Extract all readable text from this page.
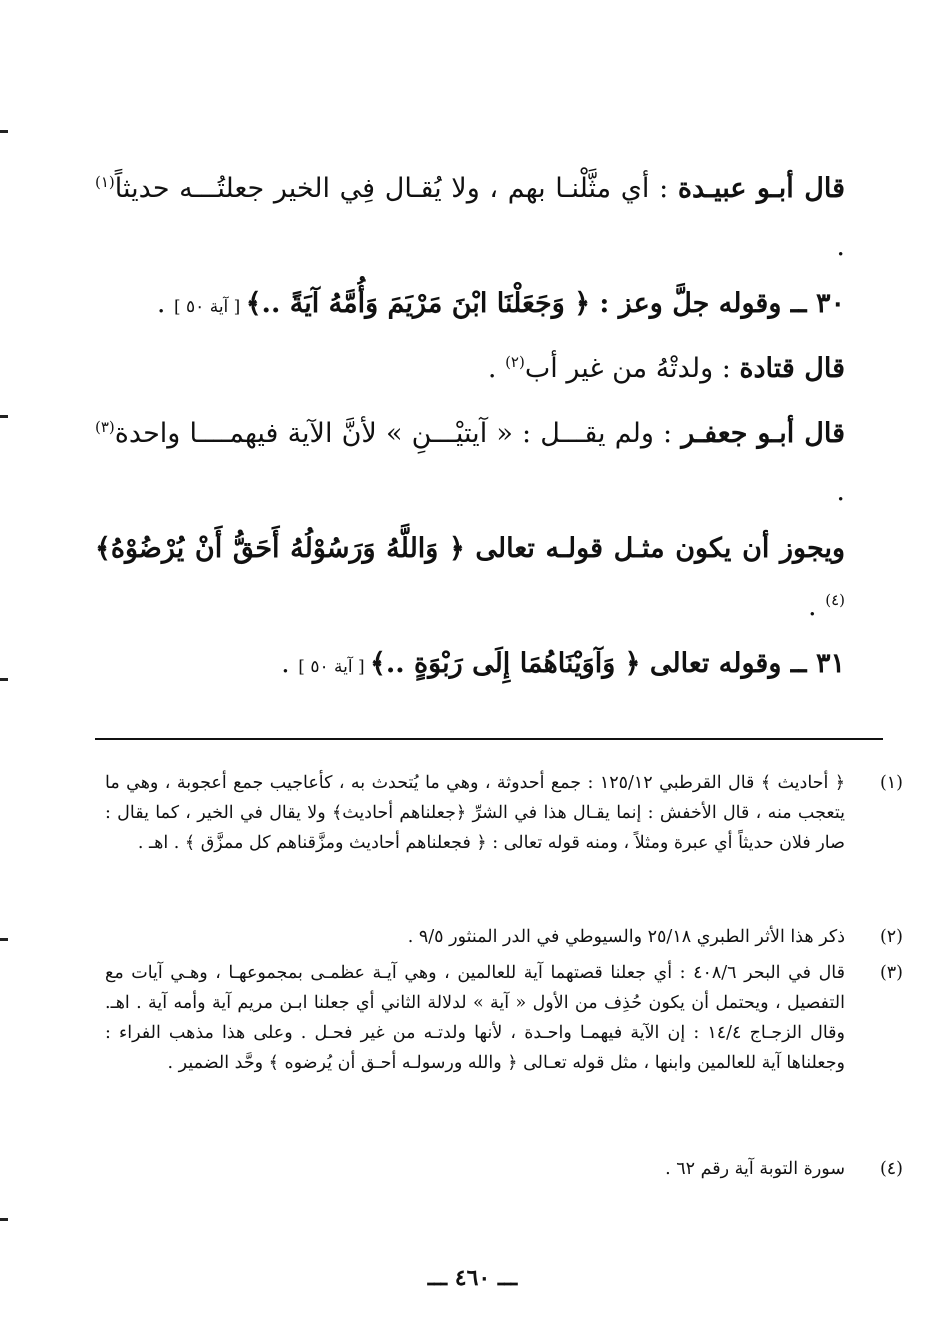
قال أبـو عبيـدة : أي مثَّلْنـا بهم ، ولا يُقـال فِي الخير جعلتُـــه حديثاً$^{(١)}$ .
٣٠ ــ وقوله جلَّ وعز : ﴿ وَجَعَلْنَا ابْنَ مَرْيَمَ وَأُمَّهُ آيَةً ..﴾ [ آية ٥٠ ] .
قال قتادة : ولدتْهُ من غير أب$^{(٢)}$ .
قال أبـو جعفـر : ولم يقـــل : « آيتيْـــنِ » لأنَّ الآية فيهمــــا واحدة$^{(٣)}$ .
ويجوز أن يكون مثـل قولـه تعالى ﴿ وَاللَّهُ وَرَسُوْلُهُ أَحَقُّ أَنْ يُرْضُوْهُ﴾$^{(٤)}$ .
٣١ ــ وقوله تعالى ﴿ وَآوَيْنَاهُمَا إِلَى رَبْوَةٍ ..﴾ [ آية ٥٠ ] .
(١)
﴿ أحاديث ﴾ قال القرطبي ١٢٥/١٢ : جمع أحدوثة ، وهي ما يُتحدث به ، كأعاجيب جمع أعجوبة ، وهي ما يتعجب منه ، قال الأخفش : إنما يقـال هذا في الشرِّ ﴿جعلناهم أحاديث﴾ ولا يقال في الخير ، كما يقال : صار فلان حديثاً أي عبرة ومثلاً ، ومنه قوله تعالى : ﴿ فجعلناهم أحاديث ومزَّقناهم كل ممزَّق ﴾ . اهـ .
(٢)
ذكر هذا الأثر الطبري ٢٥/١٨ والسيوطي في الدر المنثور ٩/٥ .
(٣)
قال في البحر ٤٠٨/٦ : أي جعلنا قصتهما آية للعالمين ، وهي آيـة عظمـى بمجموعهـا ، وهـي آيات مع التفصيل ، ويحتمل أن يكون حُذِف من الأول « آية » لدلالة الثاني أي جعلنا ابـن مريم آية وأمه آية . اهـ. وقال الزجـاج ١٤/٤ : إن الآية فيهمـا واحـدة ، لأنها ولدتـه من غير فحـل . وعلى هذا مذهب الفراء : وجعلناها آية للعالمين وابنها ، مثل قوله تعـالى ﴿ والله ورسولـه أحـق أن يُرضوه ﴾ وحَّد الضمير .
(٤)
سورة التوبة آية رقم ٦٢ .
ـــ ٤٦٠ ـــ
